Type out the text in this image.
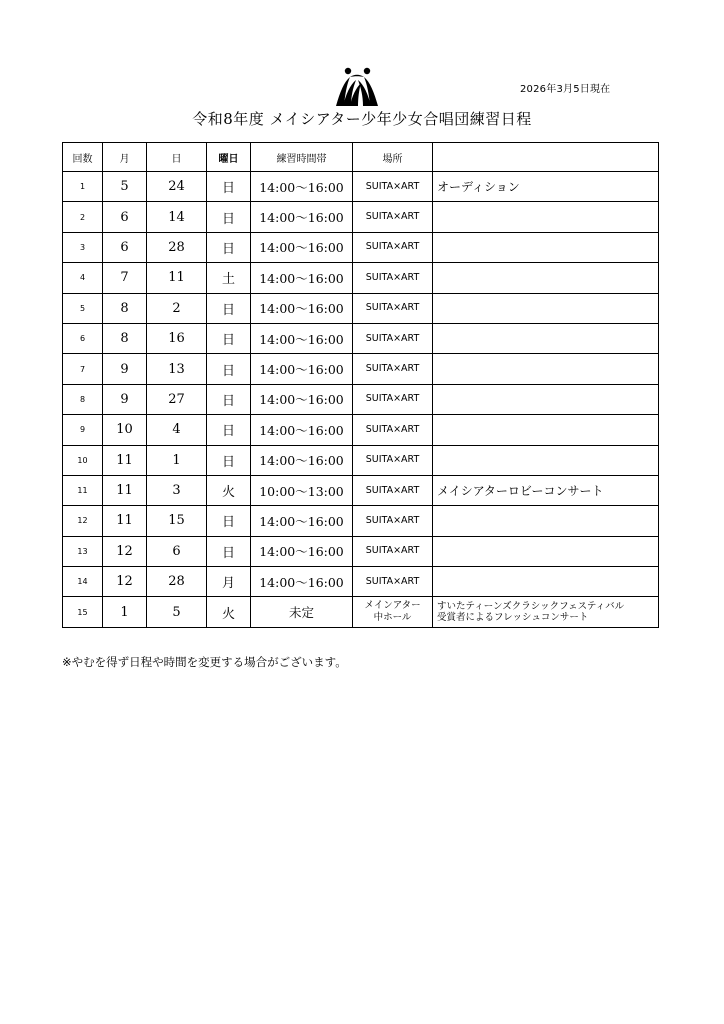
2026年3月5日現在
令和8年度 メイシアター少年少女合唱団練習日程
回数	月	日	曜日	練習時間帯	場所	
1	5	24	日	14:00～16:00	SUITA×ART	オーディション

2	6	14	日	14:00～16:00	SUITA×ART	

3	6	28	日	14:00～16:00	SUITA×ART	

4	7	11	土	14:00～16:00	SUITA×ART	

5	8	2	日	14:00～16:00	SUITA×ART	

6	8	16	日	14:00～16:00	SUITA×ART	

7	9	13	日	14:00～16:00	SUITA×ART	

8	9	27	日	14:00～16:00	SUITA×ART	

9	10	4	日	14:00～16:00	SUITA×ART	

10	11	1	日	14:00～16:00	SUITA×ART	

11	11	3	火	10:00～13:00	SUITA×ART	メイシアターロビーコンサート

12	11	15	日	14:00～16:00	SUITA×ART	

13	12	6	日	14:00～16:00	SUITA×ART	

14	12	28	月	14:00～16:00	SUITA×ART	

15	1	5	火	未定	メインアター
中ホール	すいたティーンズクラシックフェスティバル
受賞者によるフレッシュコンサート
※やむを得ず日程や時間を変更する場合がございます。
